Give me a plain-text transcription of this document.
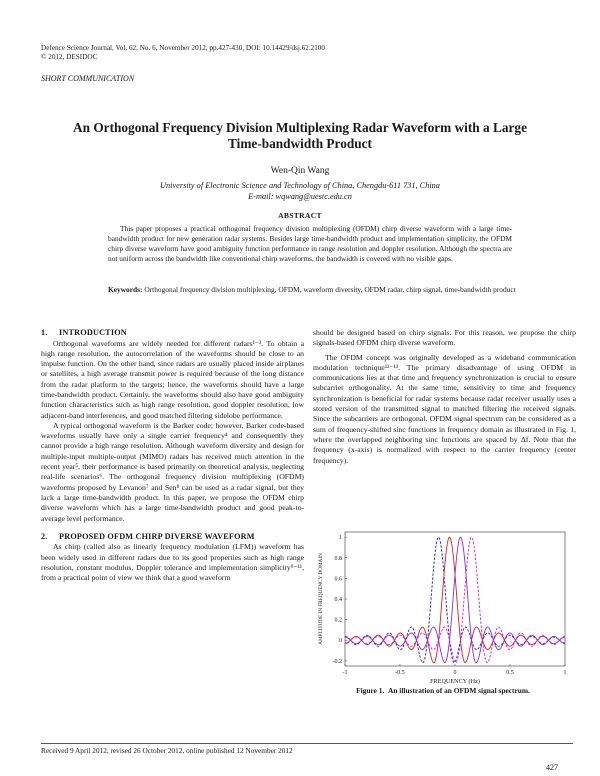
Defence Science Journal, Vol. 62, No. 6, November 2012, pp.427-430, DOI: 10.14429/dsj.62.2100
© 2012, DESIDOC
SHORT COMMUNICATION
An Orthogonal Frequency Division Multiplexing Radar Waveform with a Large Time-bandwidth Product
Wen-Qin Wang
University of Electronic Science and Technology of China, Chengdu-611 731, China
E-mail: wqwang@uestc.edu.cn
ABSTRACT
This paper proposes a practical orthogonal frequency division multiplexing (OFDM) chirp diverse waveform with a large time-bandwidth product for new generation radar systems. Besides large time-bandwidth product and implementation simplicity, the OFDM chirp diverse waveform have good ambiguity function performance in range resolution and doppler resolution. Although the spectra are not uniform across the bandwidth like conventional chirp waveforms, the bandwidth is covered with no visible gaps.
Keywords: Orthogonal frequency division multiplexing, OFDM, waveform diversity, OFDM radar, chirp signal, time-bandwidth product
1. INTRODUCTION

Orthogonal waveforms are widely needed for different radars¹⁻³. To obtain a high range resolution, the autocorrelation of the waveforms should be close to an impulse function. On the other hand, since radars are usually placed inside airplanes or satellites, a high average transmit power is required because of the long distance from the radar platform to the targets; hence, the waveforms should have a large time-bandwidth product. Certainly, the waveforms should also have good ambiguity function characteristics such as high range resolution, good doppler resolution, low adjacent-band interferences, and good matched filtering sidelobe performance.

A typical orthogonal waveform is the Barker code; however, Barker code-based waveforms usually have only a single carrier frequency⁴ and consequently they cannot provide a high range resolution. Although waveform diversity and design for multiple-input multiple-output (MIMO) radars has received much attention in the recent year⁵, their performance is based primarily on theoretical analysis, neglecting real-life scenarios⁶. The orthogonal frequency division multiplexing (OFDM) waveforms proposed by Levanon⁷ and Sen⁸ can be used as a radar signal, but they lack a large time-bandwidth product. In this paper, we propose the OFDM chirp diverse waveform which has a large time-bandwidth product and good peak-to-average level performance.

2. PROPOSED OFDM CHIRP DIVERSE WAVEFORM

As chirp (called also as linearly frequency modulation (LFM)) waveform has been widely used in different radars due to its good properties such as high range resolution, constant modulus, Doppler tolerance and implementation simplicity⁹⁻¹¹, from a practical point of view we think that a good waveform

should be designed based on chirp signals. For this reason, we propose the chirp signals-based OFDM chirp diverse waveform.

The OFDM concept was originally developed as a wideband communication modulation technique¹²⁻¹³. The primary disadvantage of using OFDM in communications lies at that time and frequency synchronization is crucial to ensure subcarrier orthogonality. At the same time, sensitivity to time and frequency synchronization is beneficial for radar systems because radar receiver usually uses a stored version of the transmitted signal to matched filtering the received signals. Since the subcarriers are orthogonal, OFDM signal spectrum can be considered as a sum of frequency-shifted sinc functions in frequency domain as illustrated in Fig. 1, where the overlapped neighboring sinc functions are spaced by Δf. Note that the frequency (x-axis) is normalized with respect to the carrier frequency (center frequency).

-1	-0.5	0	0.5	1
-0.2
0
0.2
0.4
0.6
0.8
1
FREQUENCY (Hz)
AMPLITUDE IN FREQUENCY DOMAIN
Figure 1. An illustration of an OFDM signal spectrum.
Received 9 April 2012, revised 26 October 2012, online published 12 November 2012
427
